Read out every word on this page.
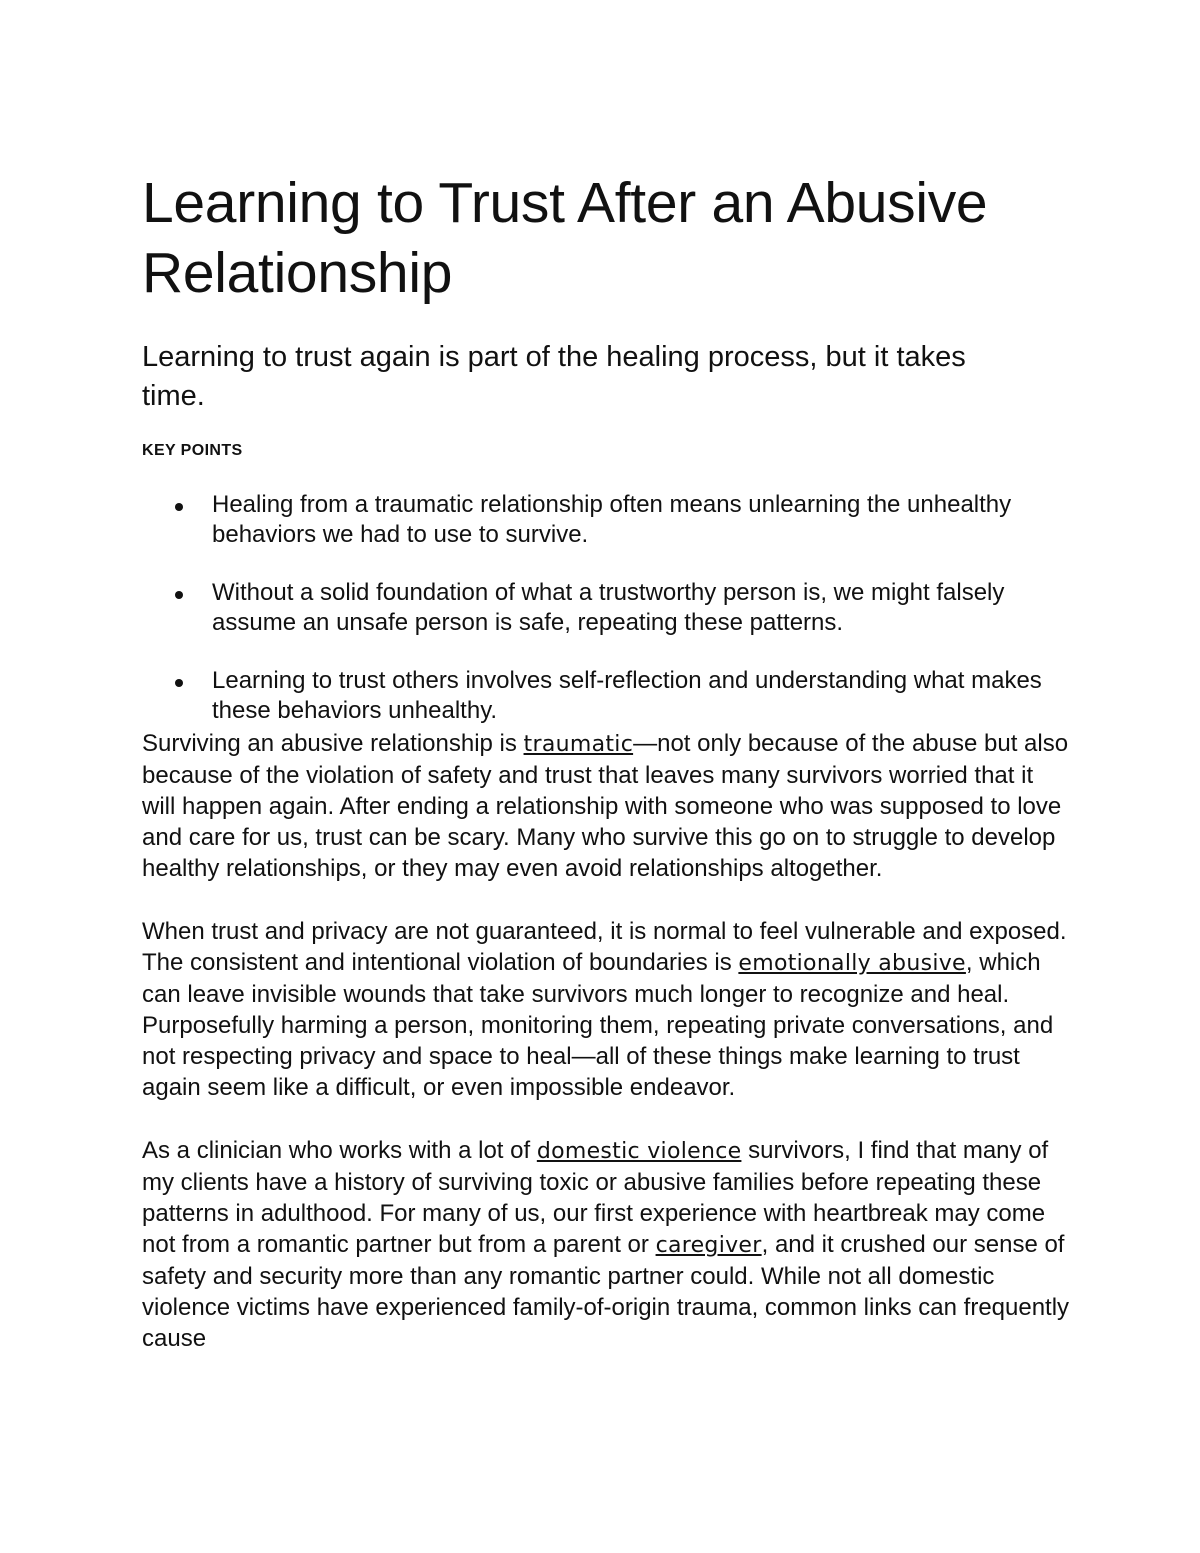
Learning to Trust After an Abusive Relationship

Learning to trust again is part of the healing process, but it takes time.

KEY POINTS

Healing from a traumatic relationship often means unlearning the unhealthy behaviors we had to use to survive.
Without a solid foundation of what a trustworthy person is, we might falsely assume an unsafe person is safe, repeating these patterns.
Learning to trust others involves self-reflection and understanding what makes these behaviors unhealthy.

Surviving an abusive relationship is traumatic—not only because of the abuse but also because of the violation of safety and trust that leaves many survivors worried that it will happen again. After ending a relationship with someone who was supposed to love and care for us, trust can be scary. Many who survive this go on to struggle to develop healthy relationships, or they may even avoid relationships altogether.

When trust and privacy are not guaranteed, it is normal to feel vulnerable and exposed. The consistent and intentional violation of boundaries is emotionally abusive, which can leave invisible wounds that take survivors much longer to recognize and heal. Purposefully harming a person, monitoring them, repeating private conversations, and not respecting privacy and space to heal—all of these things make learning to trust again seem like a difficult, or even impossible endeavor.

As a clinician who works with a lot of domestic violence survivors, I find that many of my clients have a history of surviving toxic or abusive families before repeating these patterns in adulthood. For many of us, our first experience with heartbreak may come not from a romantic partner but from a parent or caregiver, and it crushed our sense of safety and security more than any romantic partner could. While not all domestic violence victims have experienced family-of-origin trauma, common links can frequently cause
